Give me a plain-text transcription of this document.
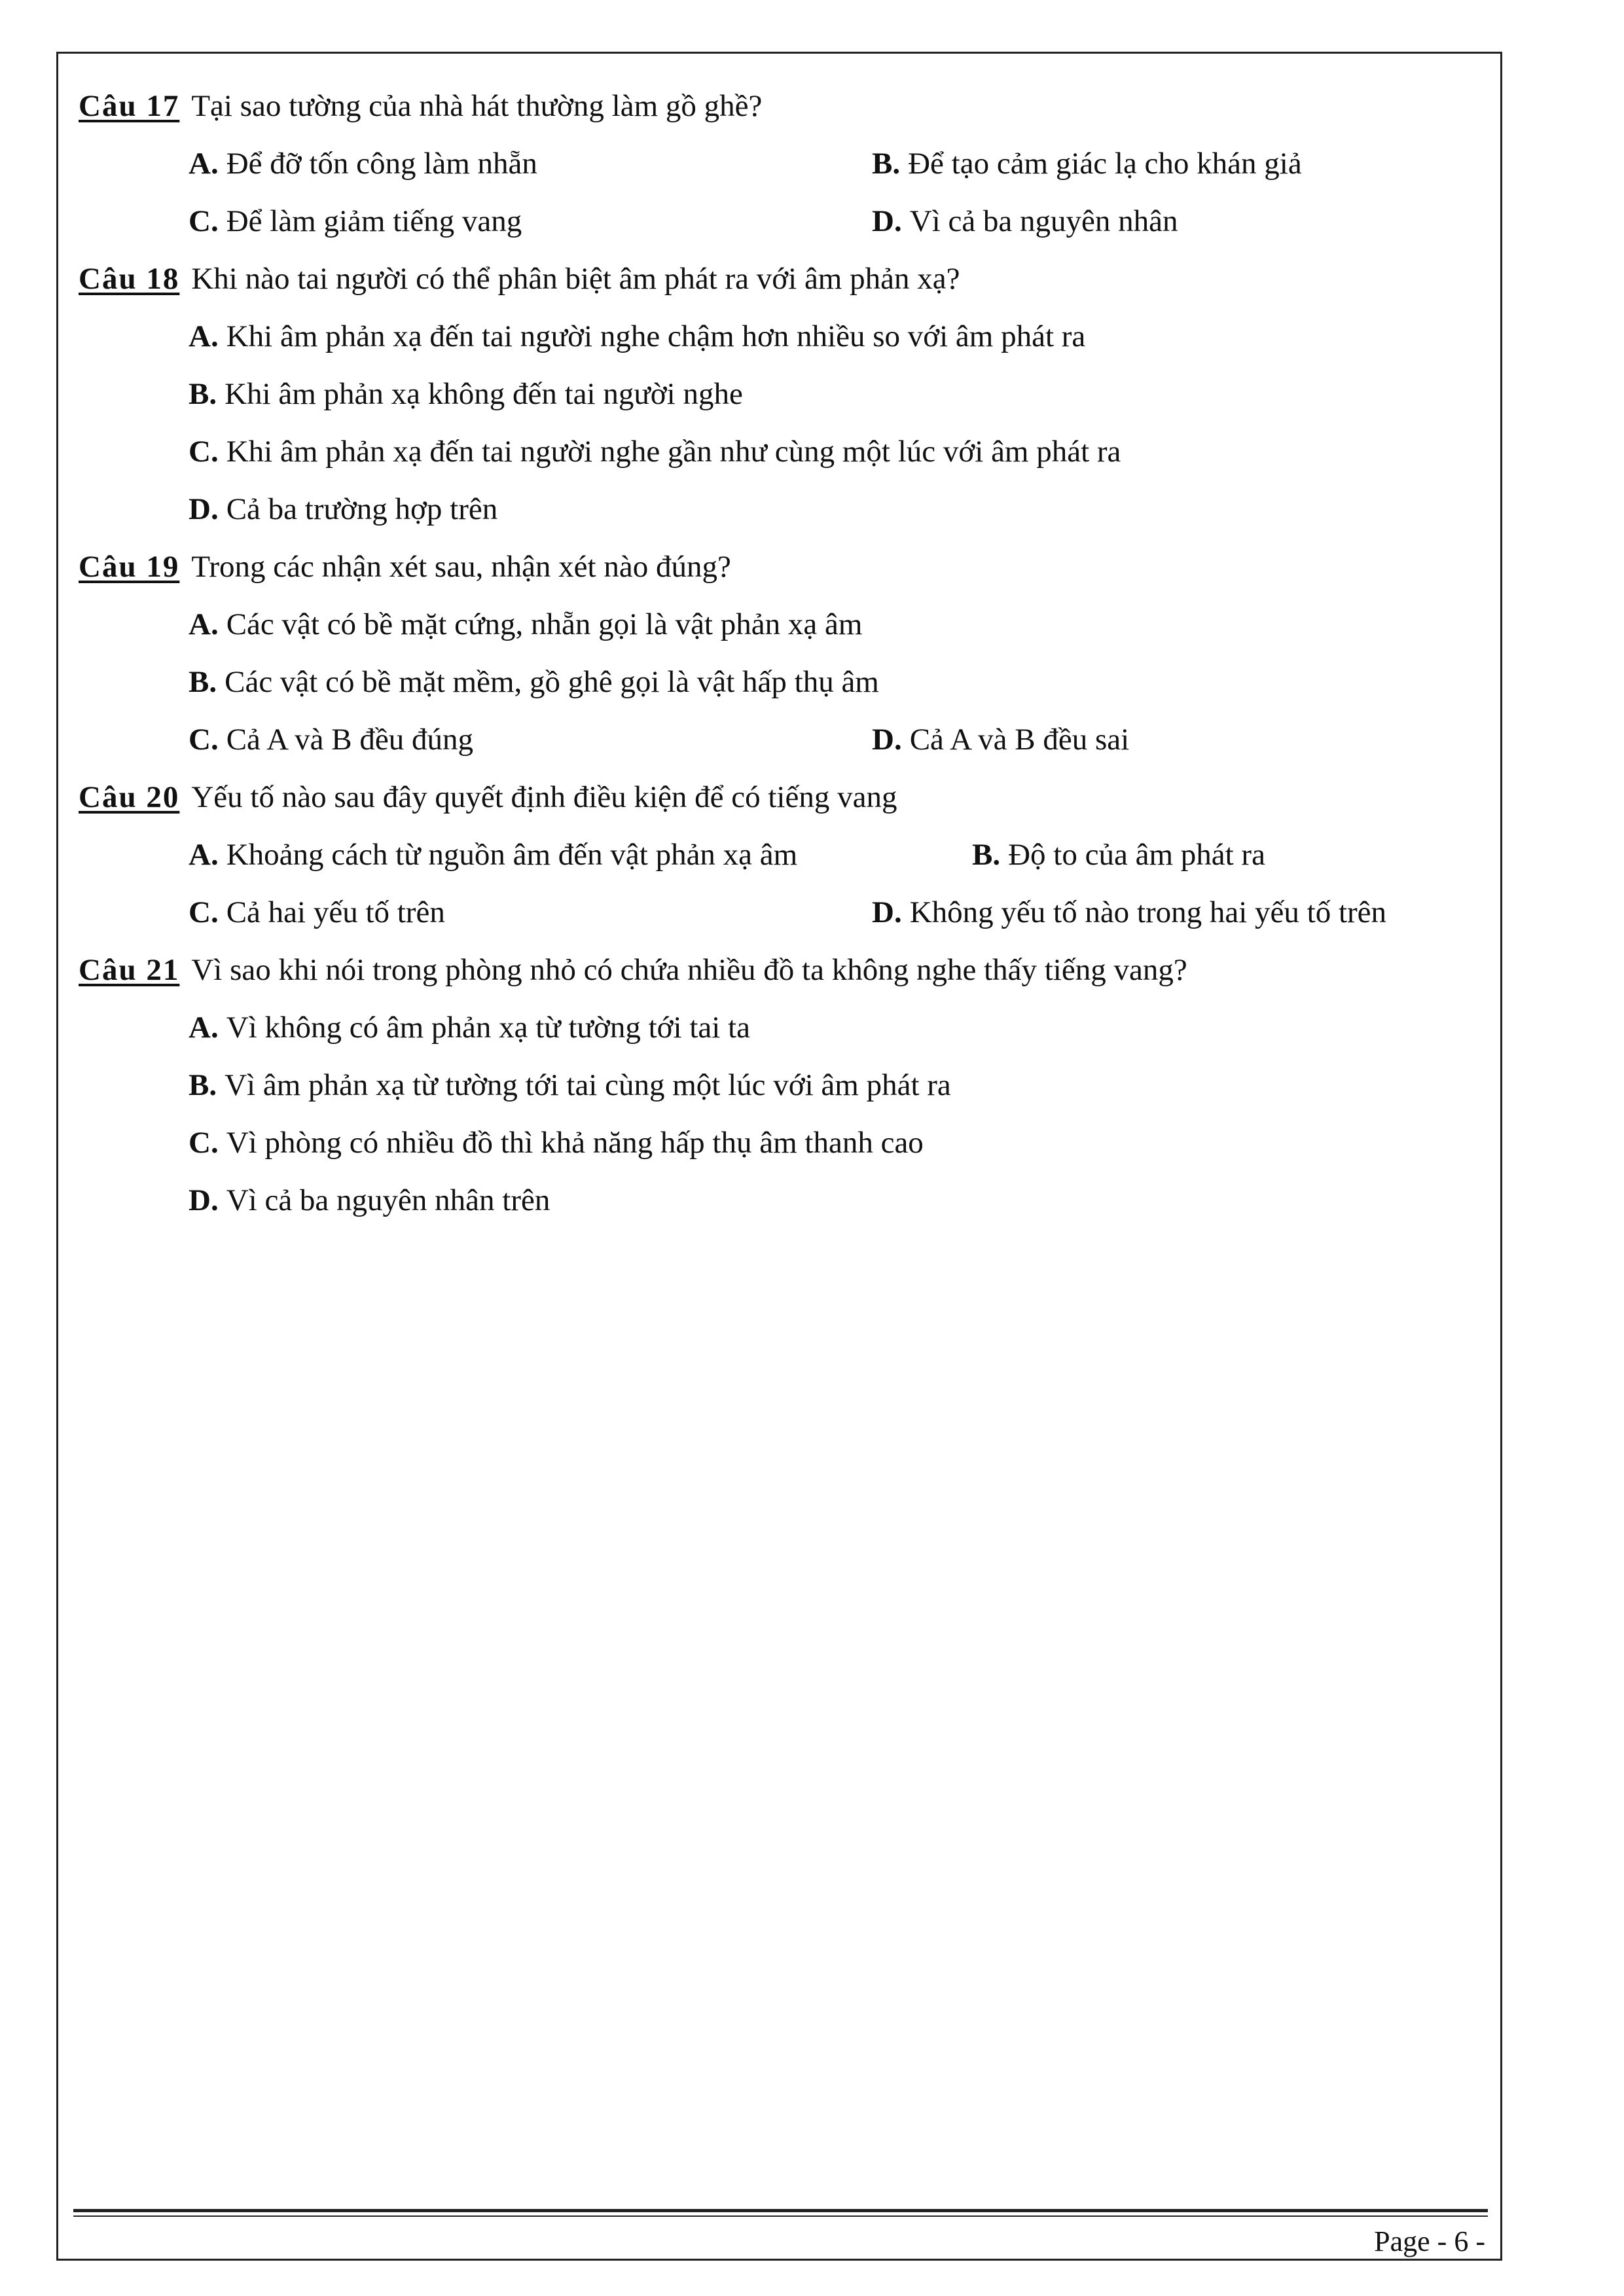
Câu 17 Tại sao tường của nhà hát thường làm gồ ghề?
A. Để đỡ tốn công làm nhẵn	B. Để tạo cảm giác lạ cho khán giả
C. Để làm giảm tiếng vang	D. Vì cả ba nguyên nhân
Câu 18 Khi nào tai người có thể phân biệt âm phát ra với âm phản xạ?
A. Khi âm phản xạ đến tai người nghe chậm hơn nhiều so với âm phát ra
B. Khi âm phản xạ không đến tai người nghe
C. Khi âm phản xạ đến tai người nghe gần như cùng một lúc với âm phát ra
D. Cả ba trường hợp trên
Câu 19 Trong các nhận xét sau, nhận xét nào đúng?
A. Các vật có bề mặt cứng, nhẵn gọi là vật phản xạ âm
B. Các vật có bề mặt mềm, gồ ghê gọi là vật hấp thụ âm
C. Cả A và B đều đúng	D. Cả A và B đều sai
Câu 20 Yếu tố nào sau đây quyết định điều kiện để có tiếng vang
A. Khoảng cách từ nguồn âm đến vật phản xạ âm	B. Độ to của âm phát ra
C. Cả hai yếu tố trên	D. Không yếu tố nào trong hai yếu tố trên
Câu 21 Vì sao khi nói trong phòng nhỏ có chứa nhiều đồ ta không nghe thấy tiếng vang?
A. Vì không có âm phản xạ từ tường tới tai ta
B. Vì âm phản xạ từ tường tới tai cùng một lúc với âm phát ra
C. Vì phòng có nhiều đồ thì khả năng hấp thụ âm thanh cao
D. Vì cả ba nguyên nhân trên
Page - 6 -
